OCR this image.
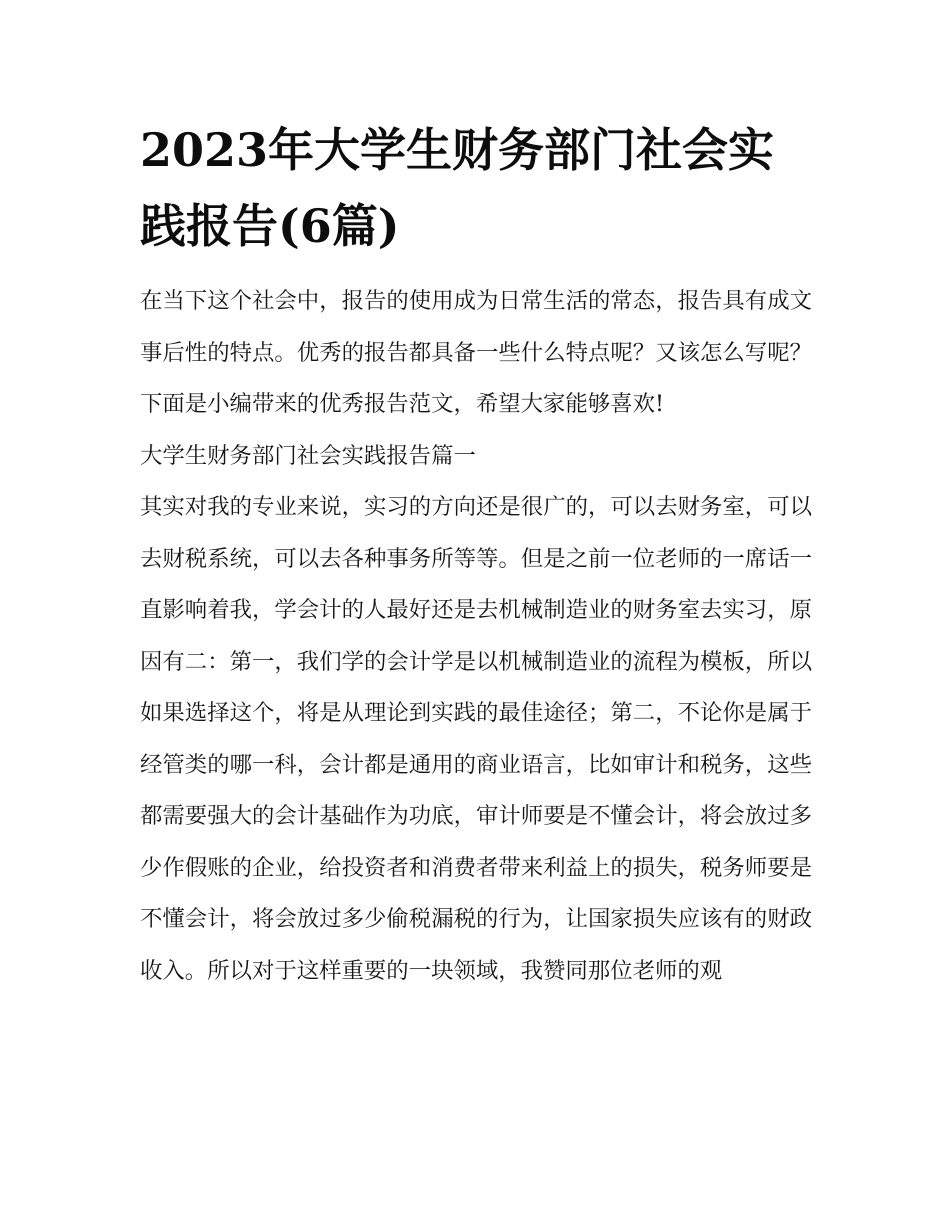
2023年大学生财务部门社会实践报告(6篇)

在当下这个社会中，报告的使用成为日常生活的常态，报告具有成文事后性的特点。优秀的报告都具备一些什么特点呢？又该怎么写呢？下面是小编带来的优秀报告范文，希望大家能够喜欢!

大学生财务部门社会实践报告篇一

其实对我的专业来说，实习的方向还是很广的，可以去财务室，可以去财税系统，可以去各种事务所等等。但是之前一位老师的一席话一直影响着我，学会计的人最好还是去机械制造业的财务室去实习，原因有二：第一，我们学的会计学是以机械制造业的流程为模板，所以如果选择这个，将是从理论到实践的最佳途径；第二，不论你是属于经管类的哪一科，会计都是通用的商业语言，比如审计和税务，这些都需要强大的会计基础作为功底，审计师要是不懂会计，将会放过多少作假账的企业，给投资者和消费者带来利益上的损失，税务师要是不懂会计，将会放过多少偷税漏税的行为，让国家损失应该有的财政收入。所以对于这样重要的一块领域，我赞同那位老师的观
